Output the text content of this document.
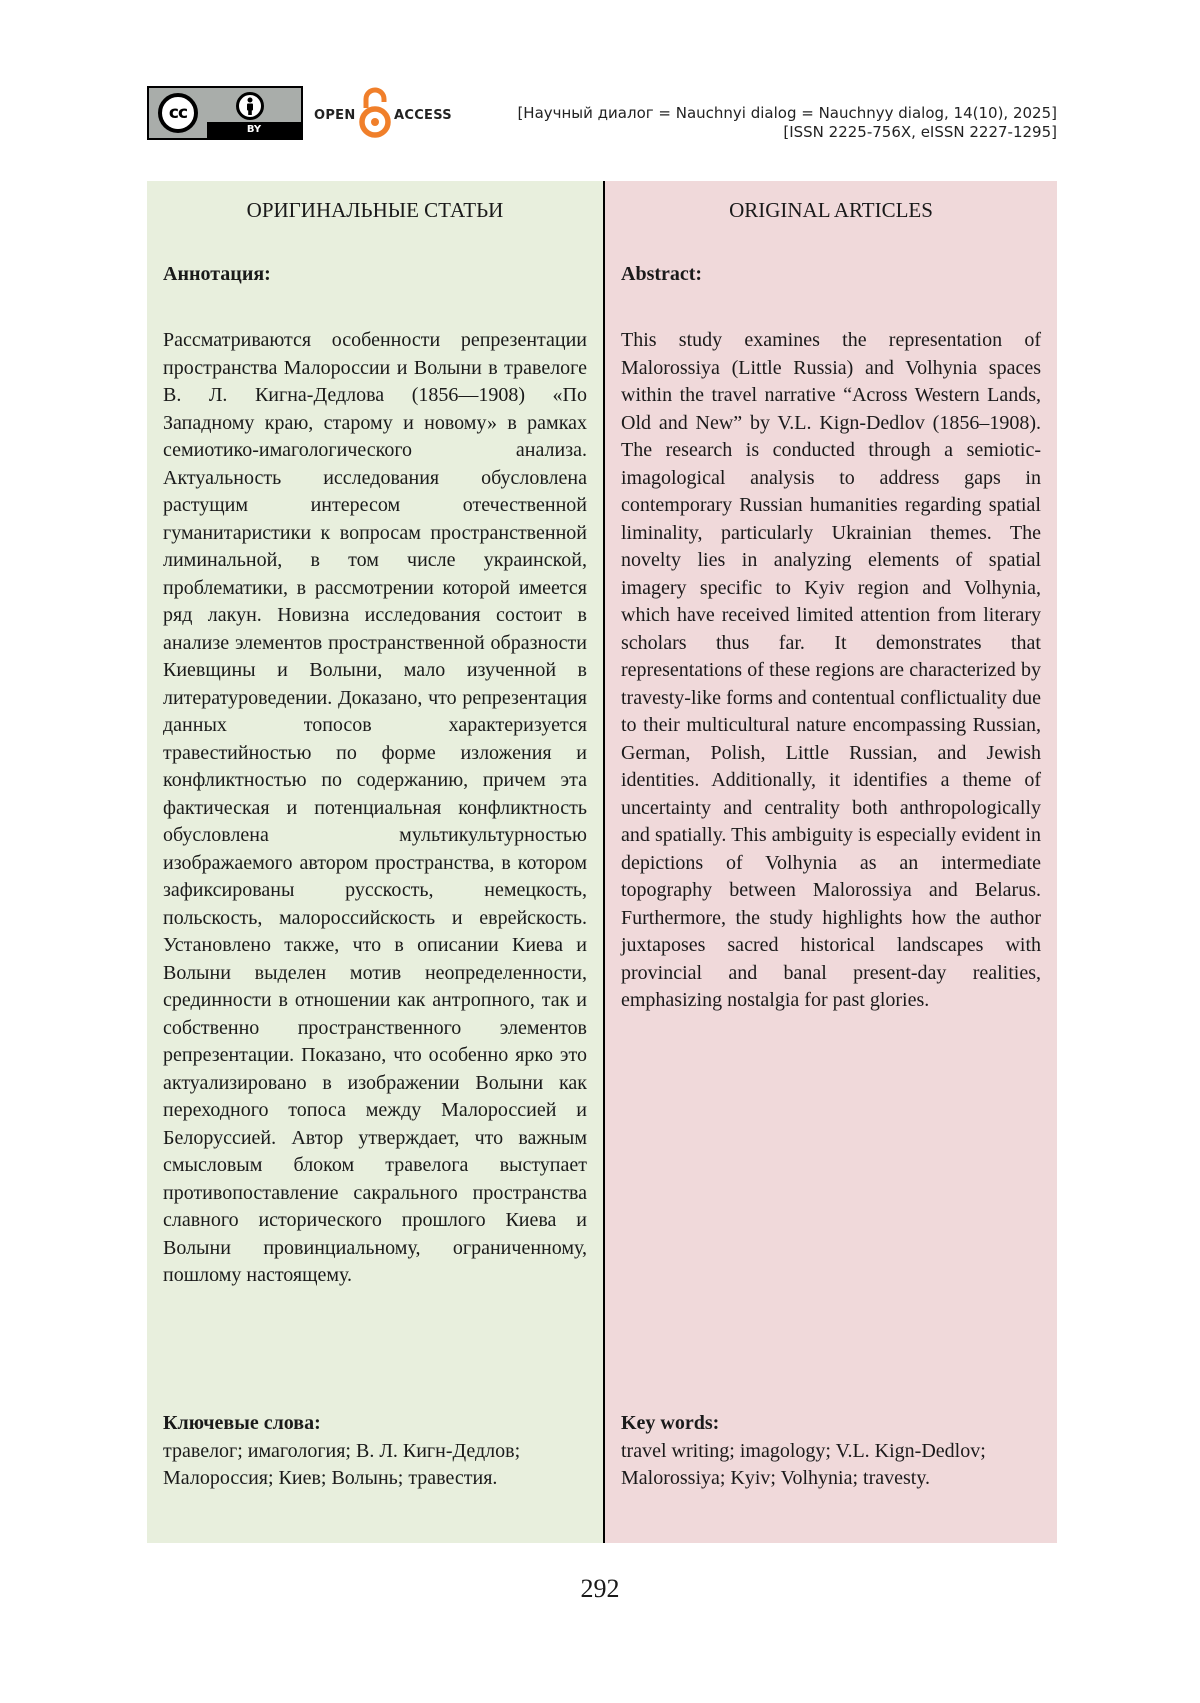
cc
BY
OPEN	ACCESS	[Научный диалог = Nauchnyi dialog = Nauchnyy dialog, 14(10), 2025]
[ISSN 2225-756X, eISSN 2227-1295]
ОРИГИНАЛЬНЫЕ СТАТЬИ
Аннотация:
Рассматриваются особенности репрезентации пространства Малороссии и Волыни в травелоге В. Л. Кигна-Дедлова (1856—1908) «По Западному краю, старому и новому» в рамках семиотико-имагологического анализа. Актуальность исследования обусловлена растущим интересом отечественной гуманитаристики к вопросам пространственной лиминальной, в том числе украинской, проблематики, в рассмотрении которой имеется ряд лакун. Новизна исследования состоит в анализе элементов пространственной образности Киевщины и Волыни, мало изученной в литературоведении. Доказано, что репрезентация данных топосов характеризуется травестийностью по форме изложения и конфликтностью по содержанию, причем эта фактическая и потенциальная конфликтность обусловлена мультикультурностью изображаемого автором пространства, в котором зафиксированы русскость, немецкость, польскость, малороссийскость и еврейскость. Установлено также, что в описании Киева и Волыни выделен мотив неопределенности, срединности в отношении как антропного, так и собственно пространственного элементов репрезентации. Показано, что особенно ярко это актуализировано в изображении Волыни как переходного топоса между Малороссией и Белоруссией. Автор утверждает, что важным смысловым блоком травелога выступает противопоставление сакрального пространства славного исторического прошлого Киева и Волыни провинциальному, ограниченному, пошлому настоящему.
Ключевые слова:
травелог; имагология; В. Л. Кигн-Дедлов; Малороссия; Киев; Волынь; травестия.
ORIGINAL ARTICLES
Abstract:
This study examines the representation of Malorossiya (Little Russia) and Volhynia spaces within the travel narrative “Across Western Lands, Old and New” by V.L. Kign-Dedlov (1856–1908). The research is conducted through a semiotic-imagological analysis to address gaps in contemporary Russian humanities regarding spatial liminality, particularly Ukrainian themes. The novelty lies in analyzing elements of spatial imagery specific to Kyiv region and Volhynia, which have received limited attention from literary scholars thus far. It demonstrates that representations of these regions are characterized by travesty-like forms and contentual conflictuality due to their multicultural nature encompassing Russian, German, Polish, Little Russian, and Jewish identities. Additionally, it identifies a theme of uncertainty and centrality both anthropologically and spatially. This ambiguity is especially evident in depictions of Volhynia as an intermediate topography between Malorossiya and Belarus. Furthermore, the study highlights how the author juxtaposes sacred historical landscapes with provincial and banal present-day realities, emphasizing nostalgia for past glories.
Key words:
travel writing; imagology; V.L. Kign-Dedlov; Malorossiya; Kyiv; Volhynia; travesty.
292
